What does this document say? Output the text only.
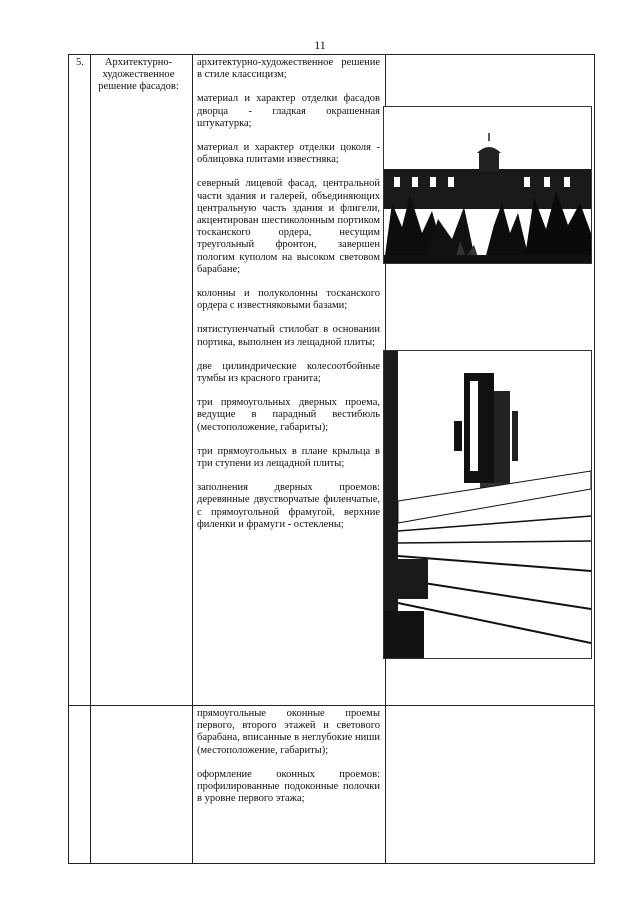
11
5.	Архитектурно-художественное решение фасадов:

архитектурно-художественное решение в стиле классицизм;

материал и характер отделки фасадов дворца - гладкая окрашенная штукатурка;

материал и характер отделки цоколя - облицовка плитами известняка;

северный лицевой фасад, центральной части здания и галерей, объединяющих центральную часть здания и флигели, акцентирован шестиколонным портиком тосканского ордера, несущим треугольный фронтон, завершен пологим куполом на высоком световом барабане;

колонны и полуколонны тосканского ордера с известняковыми базами;

пятиступенчатый стилобат в основании портика, выполнен из лещадной плиты;

две цилиндрические колесоотбойные тумбы из красного гранита;

три прямоугольных дверных проема, ведущие в парадный вестибюль (местоположение, габариты);

три прямоугольных в плане крыльца в три ступени из лещадной плиты;

заполнения дверных проемов: деревянные двустворчатые филенчатые, с прямоугольной фрамугой, верхние филенки и фрамуги - остеклены;

прямоугольные оконные проемы первого, второго этажей и светового барабана, вписанные в неглубокие ниши (местоположение, габариты);

оформление оконных проемов: профилированные подоконные полочки в уровне первого этажа;
